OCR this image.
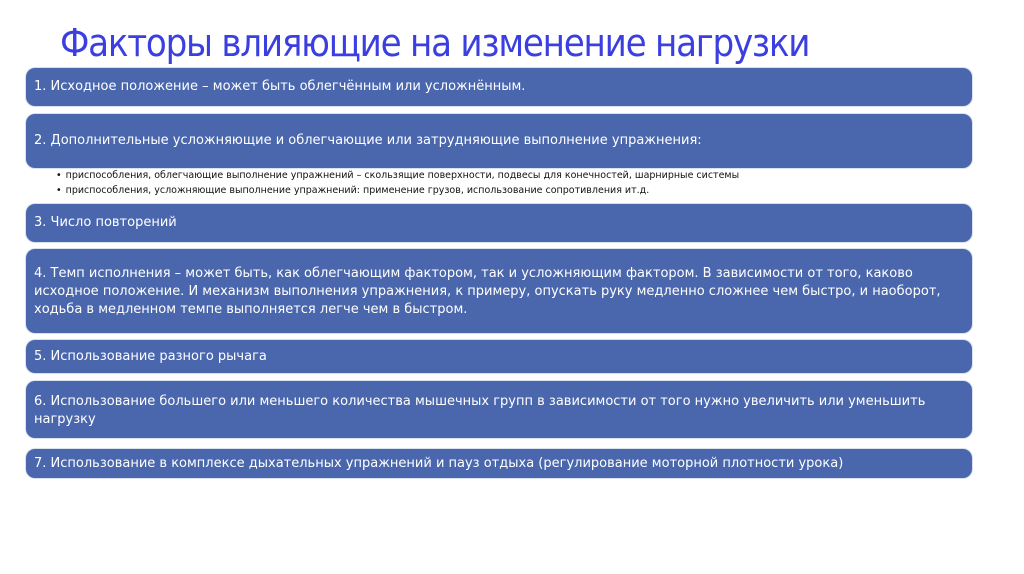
Факторы влияющие на изменение нагрузки
1. Исходное положение – может быть облегчённым или усложнённым.
2. Дополнительные усложняющие и облегчающие или затрудняющие выполнение упражнения:
• приспособления, облегчающие выполнение упражнений – скользящие поверхности, подвесы для конечностей, шарнирные системы
• приспособления, усложняющие выполнение упражнений: применение грузов, использование сопротивления ит.д.
3. Число повторений
4. Темп исполнения – может быть, как облегчающим фактором, так и усложняющим фактором. В зависимости от того, каково исходное положение. И механизм выполнения упражнения, к примеру, опускать руку медленно сложнее чем быстро, и наоборот, ходьба в медленном темпе выполняется легче чем в быстром.
5. Использование разного рычага
6. Использование большего или меньшего количества мышечных групп в зависимости от того нужно увеличить или уменьшить нагрузку
7. Использование в комплексе дыхательных упражнений и пауз отдыха (регулирование моторной плотности урока)
